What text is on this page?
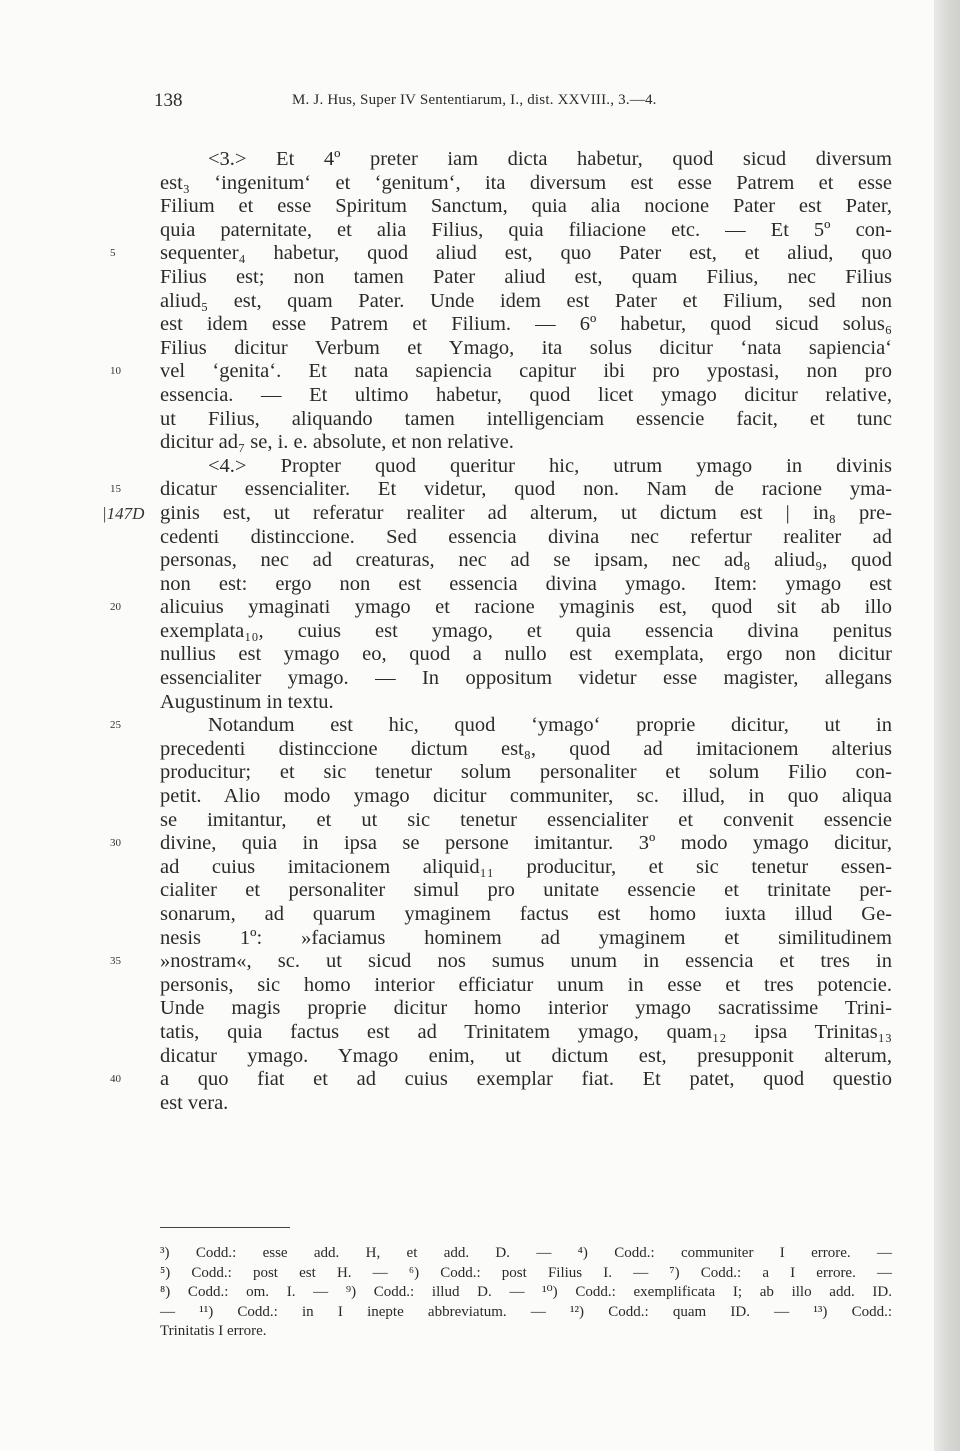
138	M. J. Hus, Super IV Sententiarum, I., dist. XXVIII., 3.—4.
<3.> Et 4º preter iam dicta habetur, quod sicud diversum
est₃ ‘ingenitum‘ et ‘genitum‘, ita diversum est esse Patrem et esse
Filium et esse Spiritum Sanctum, quia alia nocione Pater est Pater,
quia paternitate, et alia Filius, quia filiacione etc. — Et 5º con-
5	sequenter₄ habetur, quod aliud est, quo Pater est, et aliud, quo
Filius est; non tamen Pater aliud est, quam Filius, nec Filius
aliud₅ est, quam Pater. Unde idem est Pater et Filium, sed non
est idem esse Patrem et Filium. — 6º habetur, quod sicud solus₆
Filius dicitur Verbum et Ymago, ita solus dicitur ‘nata sapiencia‘
10	vel ‘genita‘. Et nata sapiencia capitur ibi pro ypostasi, non pro
essencia. — Et ultimo habetur, quod licet ymago dicitur relative,
ut Filius, aliquando tamen intelligenciam essencie facit, et tunc
dicitur ad₇ se, i. e. absolute, et non relative.
<4.> Propter quod queritur hic, utrum ymago in divinis
15	dicatur essencialiter. Et videtur, quod non. Nam de racione yma-
|147D ginis est, ut referatur realiter ad alterum, ut dictum est | in₈ pre-
cedenti distinccione. Sed essencia divina nec refertur realiter ad
personas, nec ad creaturas, nec ad se ipsam, nec ad₈ aliud₉, quod
non est: ergo non est essencia divina ymago. Item: ymago est
20	alicuius ymaginati ymago et racione ymaginis est, quod sit ab illo
exemplata₁₀, cuius est ymago, et quia essencia divina penitus
nullius est ymago eo, quod a nullo est exemplata, ergo non dicitur
essencialiter ymago. — In oppositum videtur esse magister, allegans
Augustinum in textu.
25	Notandum est hic, quod ‘ymago‘ proprie dicitur, ut in
precedenti distinccione dictum est₈, quod ad imitacionem alterius
producitur; et sic tenetur solum personaliter et solum Filio con-
petit. Alio modo ymago dicitur communiter, sc. illud, in quo aliqua
se imitantur, et ut sic tenetur essencialiter et convenit essencie
30	divine, quia in ipsa se persone imitantur. 3º modo ymago dicitur,
ad cuius imitacionem aliquid₁₁ producitur, et sic tenetur essen-
cialiter et personaliter simul pro unitate essencie et trinitate per-
sonarum, ad quarum ymaginem factus est homo iuxta illud Ge-
nesis 1º: »faciamus hominem ad ymaginem et similitudinem
35	»nostram«, sc. ut sicud nos sumus unum in essencia et tres in
personis, sic homo interior efficiatur unum in esse et tres potencie.
Unde magis proprie dicitur homo interior ymago sacratissime Trini-
tatis, quia factus est ad Trinitatem ymago, quam₁₂ ipsa Trinitas₁₃
dicatur ymago. Ymago enim, ut dictum est, presupponit alterum,
40	a quo fiat et ad cuius exemplar fiat. Et patet, quod questio
est vera.
³) Codd.: esse add. H, et add. D. — ⁴) Codd.: communiter I errore. —
⁵) Codd.: post est H. — ⁶) Codd.: post Filius I. — ⁷) Codd.: a I errore. —
⁸) Codd.: om. I. — ⁹) Codd.: illud D. — ¹⁰) Codd.: exemplificata I; ab illo add. ID.
— ¹¹) Codd.: in I inepte abbreviatum. — ¹²) Codd.: quam ID. — ¹³) Codd.:
Trinitatis I errore.
